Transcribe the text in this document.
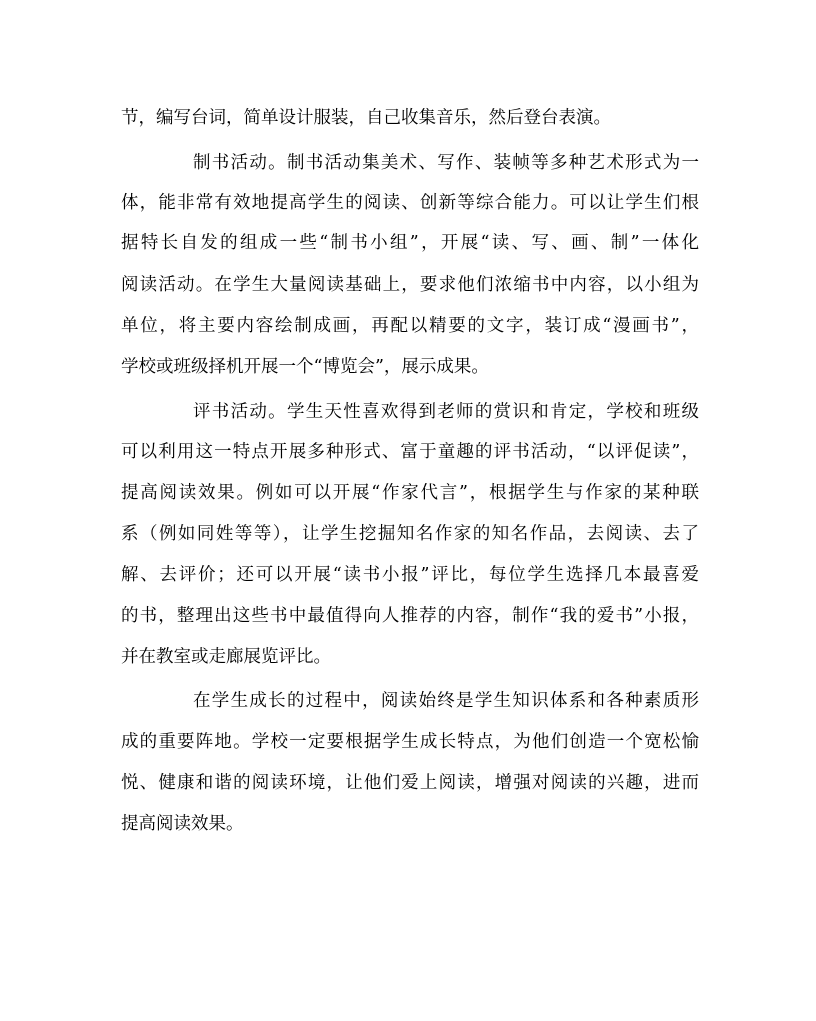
节，编写台词，简单设计服装，自己收集音乐，然后登台表演。
制书活动。制书活动集美术、写作、装帧等多种艺术形式为一
体，能非常有效地提高学生的阅读、创新等综合能力。可以让学生们根
据特长自发的组成一些“制书小组”，开展“读、写、画、制”一体化
阅读活动。在学生大量阅读基础上，要求他们浓缩书中内容，以小组为
单位，将主要内容绘制成画，再配以精要的文字，装订成“漫画书”，
学校或班级择机开展一个“博览会”，展示成果。
评书活动。学生天性喜欢得到老师的赏识和肯定，学校和班级
可以利用这一特点开展多种形式、富于童趣的评书活动，“以评促读”，
提高阅读效果。例如可以开展“作家代言”，根据学生与作家的某种联
系（例如同姓等等），让学生挖掘知名作家的知名作品，去阅读、去了
解、去评价；还可以开展“读书小报”评比，每位学生选择几本最喜爱
的书，整理出这些书中最值得向人推荐的内容，制作“我的爱书”小报，
并在教室或走廊展览评比。
在学生成长的过程中，阅读始终是学生知识体系和各种素质形
成的重要阵地。学校一定要根据学生成长特点，为他们创造一个宽松愉
悦、健康和谐的阅读环境，让他们爱上阅读，增强对阅读的兴趣，进而
提高阅读效果。
